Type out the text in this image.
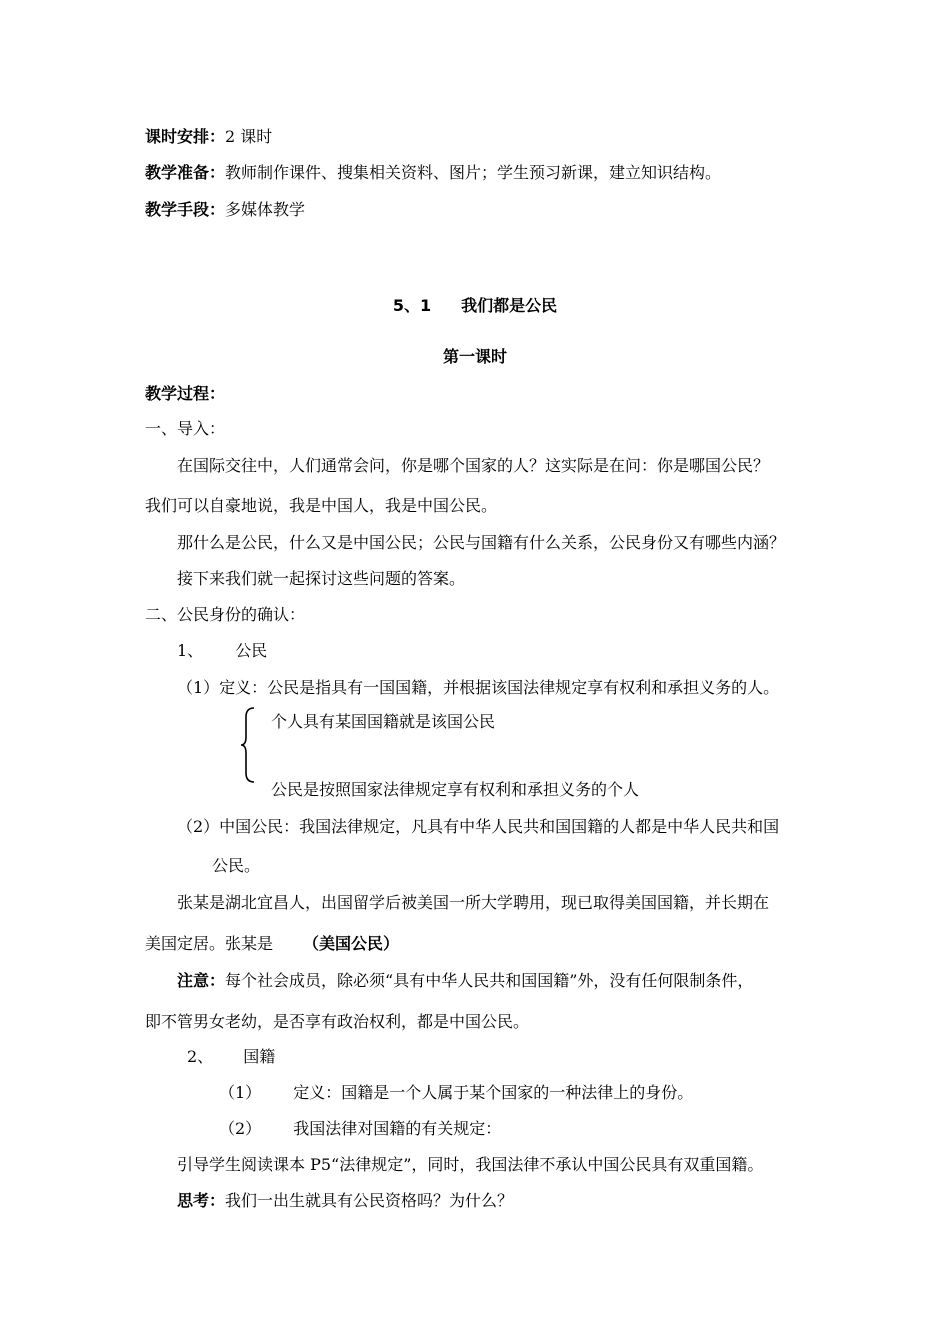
课时安排：2 课时
教学准备：教师制作课件、搜集相关资料、图片；学生预习新课，建立知识结构。
教学手段：多媒体教学
5、1 我们都是公民
第一课时
教学过程：
一、导入：
在国际交往中，人们通常会问，你是哪个国家的人？这实际是在问：你是哪国公民？
我们可以自豪地说，我是中国人，我是中国公民。
那什么是公民，什么又是中国公民；公民与国籍有什么关系，公民身份又有哪些内涵？
接下来我们就一起探讨这些问题的答案。
二、公民身份的确认：
1、 公民
（1）定义：公民是指具有一国国籍，并根据该国法律规定享有权利和承担义务的人。
个人具有某国国籍就是该国公民
公民是按照国家法律规定享有权利和承担义务的个人
（2）中国公民：我国法律规定，凡具有中华人民共和国国籍的人都是中华人民共和国
公民。
张某是湖北宜昌人，出国留学后被美国一所大学聘用，现已取得美国国籍，并长期在
美国定居。张某是 （美国公民）
注意：每个社会成员，除必须“具有中华人民共和国国籍”外，没有任何限制条件，
即不管男女老幼，是否享有政治权利，都是中国公民。
2、 国籍
（1） 定义：国籍是一个人属于某个国家的一种法律上的身份。
（2） 我国法律对国籍的有关规定：
引导学生阅读课本 P5“法律规定”，同时，我国法律不承认中国公民具有双重国籍。
思考：我们一出生就具有公民资格吗？为什么？
